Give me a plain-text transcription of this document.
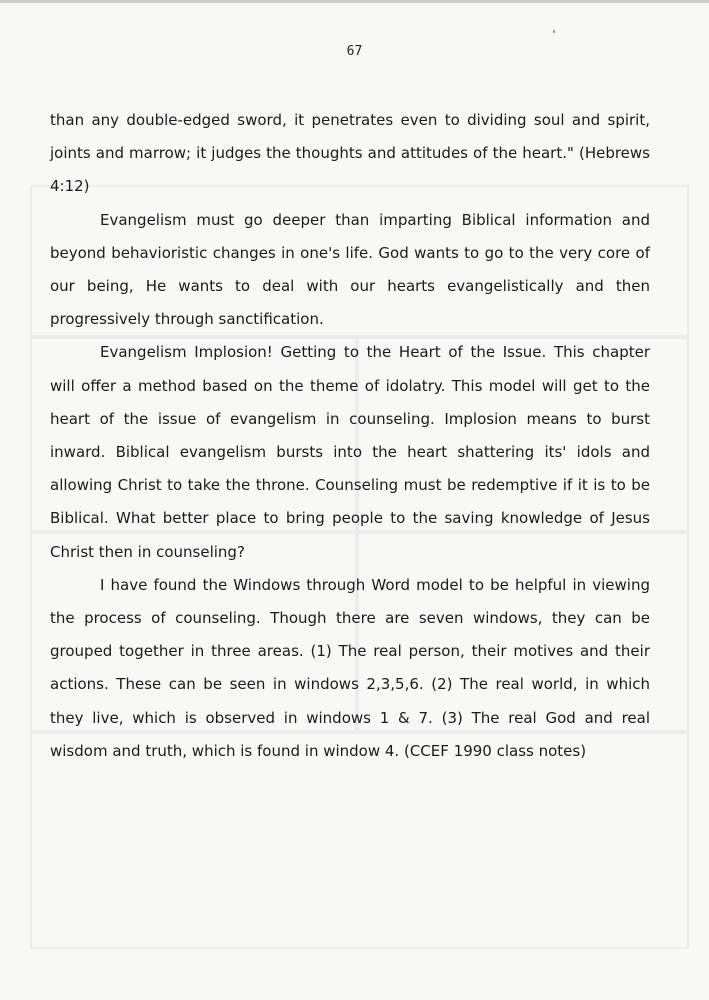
67

than any double-edged sword, it penetrates even to dividing soul and spirit, joints and marrow; it judges the thoughts and attitudes of the heart." (Hebrews 4:12)

Evangelism must go deeper than imparting Biblical information and beyond behavioristic changes in one's life. God wants to go to the very core of our being, He wants to deal with our hearts evangelistically and then progressively through sanctification.

Evangelism Implosion! Getting to the Heart of the Issue. This chapter will offer a method based on the theme of idolatry. This model will get to the heart of the issue of evangelism in counseling. Implosion means to burst inward. Biblical evangelism bursts into the heart shattering its' idols and allowing Christ to take the throne. Counseling must be redemptive if it is to be Biblical. What better place to bring people to the saving knowledge of Jesus Christ then in counseling?

I have found the Windows through Word model to be helpful in viewing the process of counseling. Though there are seven windows, they can be grouped together in three areas. (1) The real person, their motives and their actions. These can be seen in windows 2,3,5,6. (2) The real world, in which they live, which is observed in windows 1 & 7. (3) The real God and real wisdom and truth, which is found in window 4. (CCEF 1990 class notes)
